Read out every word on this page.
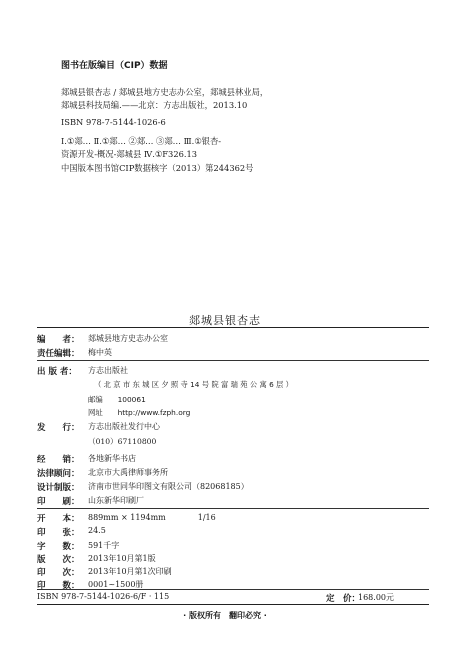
图书在版编目（CIP）数据
郯城县银杏志 / 郯城县地方史志办公室，郯城县林业局，
郯城县科技局编.——北京：方志出版社，2013.10
ISBN 978-7-5144-1026-6
Ⅰ.①郯… Ⅱ.①郯… ②郯… ③郯… Ⅲ.①银杏-
资源开发-概况-郯城县 Ⅳ.①F326.13
中国版本图书馆CIP数据核字（2013）第244362号
郯城县银杏志
编　　者： 郯城县地方史志办公室
责任编辑： 梅中英
出 版 者： 方志出版社
（ 北 京 市 东 城 区 夕 照 寺 14 号 院 富 瑞 苑 公 寓 6 层 ）
邮编　　100061
网址　　http://www.fzph.org
发　　行： 方志出版社发行中心
（010）67110800
经　　销： 各地新华书店
法律顾问： 北京市大禹律师事务所
设计制版： 济南市世同华印图文有限公司（82068185）
印　　刷： 山东新华印刷厂
开　　本： 889mm × 1194mm　　　　1/16
印　　张： 24.5
字　　数： 591千字
版　　次： 2013年10月第1版
印　　次： 2013年10月第1次印刷
印　　数： 0001~1500册
ISBN 978-7-5144-1026-6/F · 115	定　价：
168.00元
· 版权所有　翻印必究 ·
